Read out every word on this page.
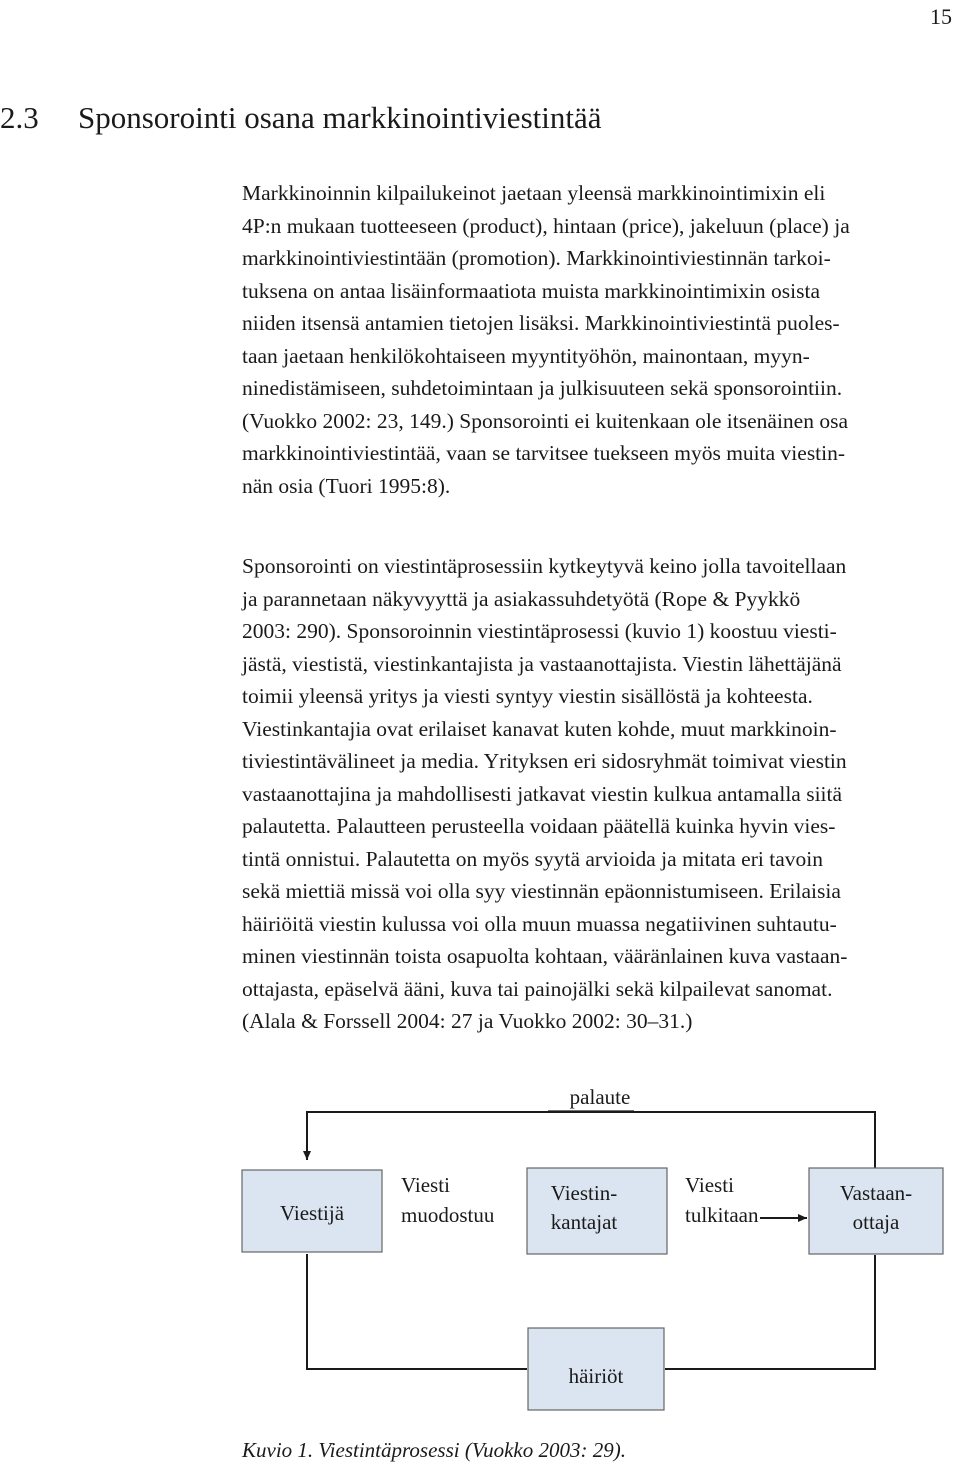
15
2.3 Sponsorointi osana markkinointiviestintää
Markkinoinnin kilpailukeinot jaetaan yleensä markkinointimixin eli
4P:n mukaan tuotteeseen (product), hintaan (price), jakeluun (place) ja
markkinointiviestintään (promotion). Markkinointiviestinnän tarkoi-
tuksena on antaa lisäinformaatiota muista markkinointimixin osista
niiden itsensä antamien tietojen lisäksi. Markkinointiviestintä puoles-
taan jaetaan henkilökohtaiseen myyntityöhön, mainontaan, myyn-
ninedistämiseen, suhdetoimintaan ja julkisuuteen sekä sponsorointiin.
(Vuokko 2002: 23, 149.) Sponsorointi ei kuitenkaan ole itsenäinen osa
markkinointiviestintää, vaan se tarvitsee tuekseen myös muita viestin-
nän osia (Tuori 1995:8).
Sponsorointi on viestintäprosessiin kytkeytyvä keino jolla tavoitellaan
ja parannetaan näkyvyyttä ja asiakassuhdetyötä (Rope & Pyykkö
2003: 290). Sponsoroinnin viestintäprosessi (kuvio 1) koostuu viesti-
jästä, viestistä, viestinkantajista ja vastaanottajista. Viestin lähettäjänä
toimii yleensä yritys ja viesti syntyy viestin sisällöstä ja kohteesta.
Viestinkantajia ovat erilaiset kanavat kuten kohde, muut markkinoin-
tiviestintävälineet ja media. Yrityksen eri sidosryhmät toimivat viestin
vastaanottajina ja mahdollisesti jatkavat viestin kulkua antamalla siitä
palautetta. Palautteen perusteella voidaan päätellä kuinka hyvin vies-
tintä onnistui. Palautetta on myös syytä arvioida ja mitata eri tavoin
sekä miettiä missä voi olla syy viestinnän epäonnistumiseen. Erilaisia
häiriöitä viestin kulussa voi olla muun muassa negatiivinen suhtautu-
minen viestinnän toista osapuolta kohtaan, vääränlainen kuva vastaan-
ottajasta, epäselvä ääni, kuva tai painojälki sekä kilpailevat sanomat.
(Alala & Forssell 2004: 27 ja Vuokko 2002: 30–31.)
palaute
Viestijä
Viestin-
kantajat
Vastaan-
ottaja
häiriöt
Viesti
muodostuu
Viesti
tulkitaan
Kuvio 1. Viestintäprosessi (Vuokko 2003: 29).
